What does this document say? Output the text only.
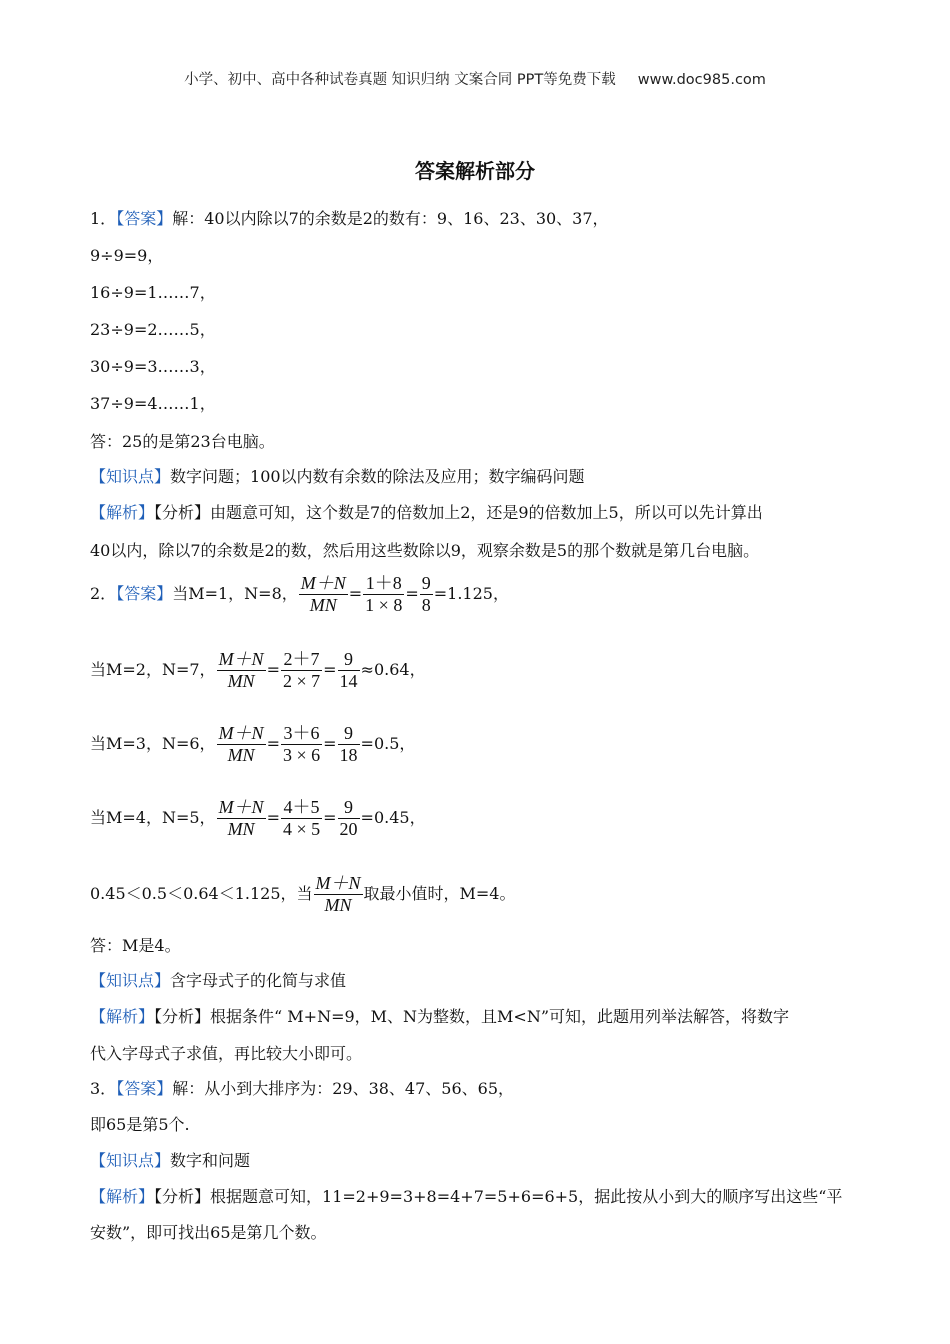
小学、初中、高中各种试卷真题 知识归纳 文案合同 PPT等免费下载 www.doc985.com
答案解析部分
1．【答案】解：40以内除以7的余数是2的数有：9、16、23、30、37，
9÷9=9，
16÷9=1……7，
23÷9=2……5，
30÷9=3……3，
37÷9=4……1，
答：25的是第23台电脑。
【知识点】数字问题；100以内数有余数的除法及应用；数字编码问题
【解析】【分析】由题意可知，这个数是7的倍数加上2，还是9的倍数加上5，所以可以先计算出
40以内，除以7的余数是2的数，然后用这些数除以9，观察余数是5的那个数就是第几台电脑。
2．【答案】当M=1，N=8， $\frac{M+N}{MN} = \frac{1+8}{1 \times 8} = \frac{9}{8} =1.125$，
当M=2，N=7， $\frac{M+N}{MN} = \frac{2+7}{2 \times 7} = \frac{9}{14} \approx 0.64$，
当M=3，N=6， $\frac{M+N}{MN} = \frac{3+6}{3 \times 6} = \frac{9}{18} =0.5$，
当M=4，N=5， $\frac{M+N}{MN} = \frac{4+5}{4 \times 5} = \frac{9}{20} =0.45$，
0.45＜0.5＜0.64＜1.125，当 $\frac{M+N}{MN}$ 取最小值时，M=4。
答：M是4。
【知识点】含字母式子的化简与求值
【解析】【分析】根据条件“ M+N=9，M、N为整数，且M<N”可知，此题用列举法解答，将数字
代入字母式子求值，再比较大小即可。
3．【答案】解：从小到大排序为：29、38、47、56、65，
即65是第5个.
【知识点】数字和问题
【解析】【分析】根据题意可知，11=2+9=3+8=4+7=5+6=6+5，据此按从小到大的顺序写出这些“平
安数”，即可找出65是第几个数。
